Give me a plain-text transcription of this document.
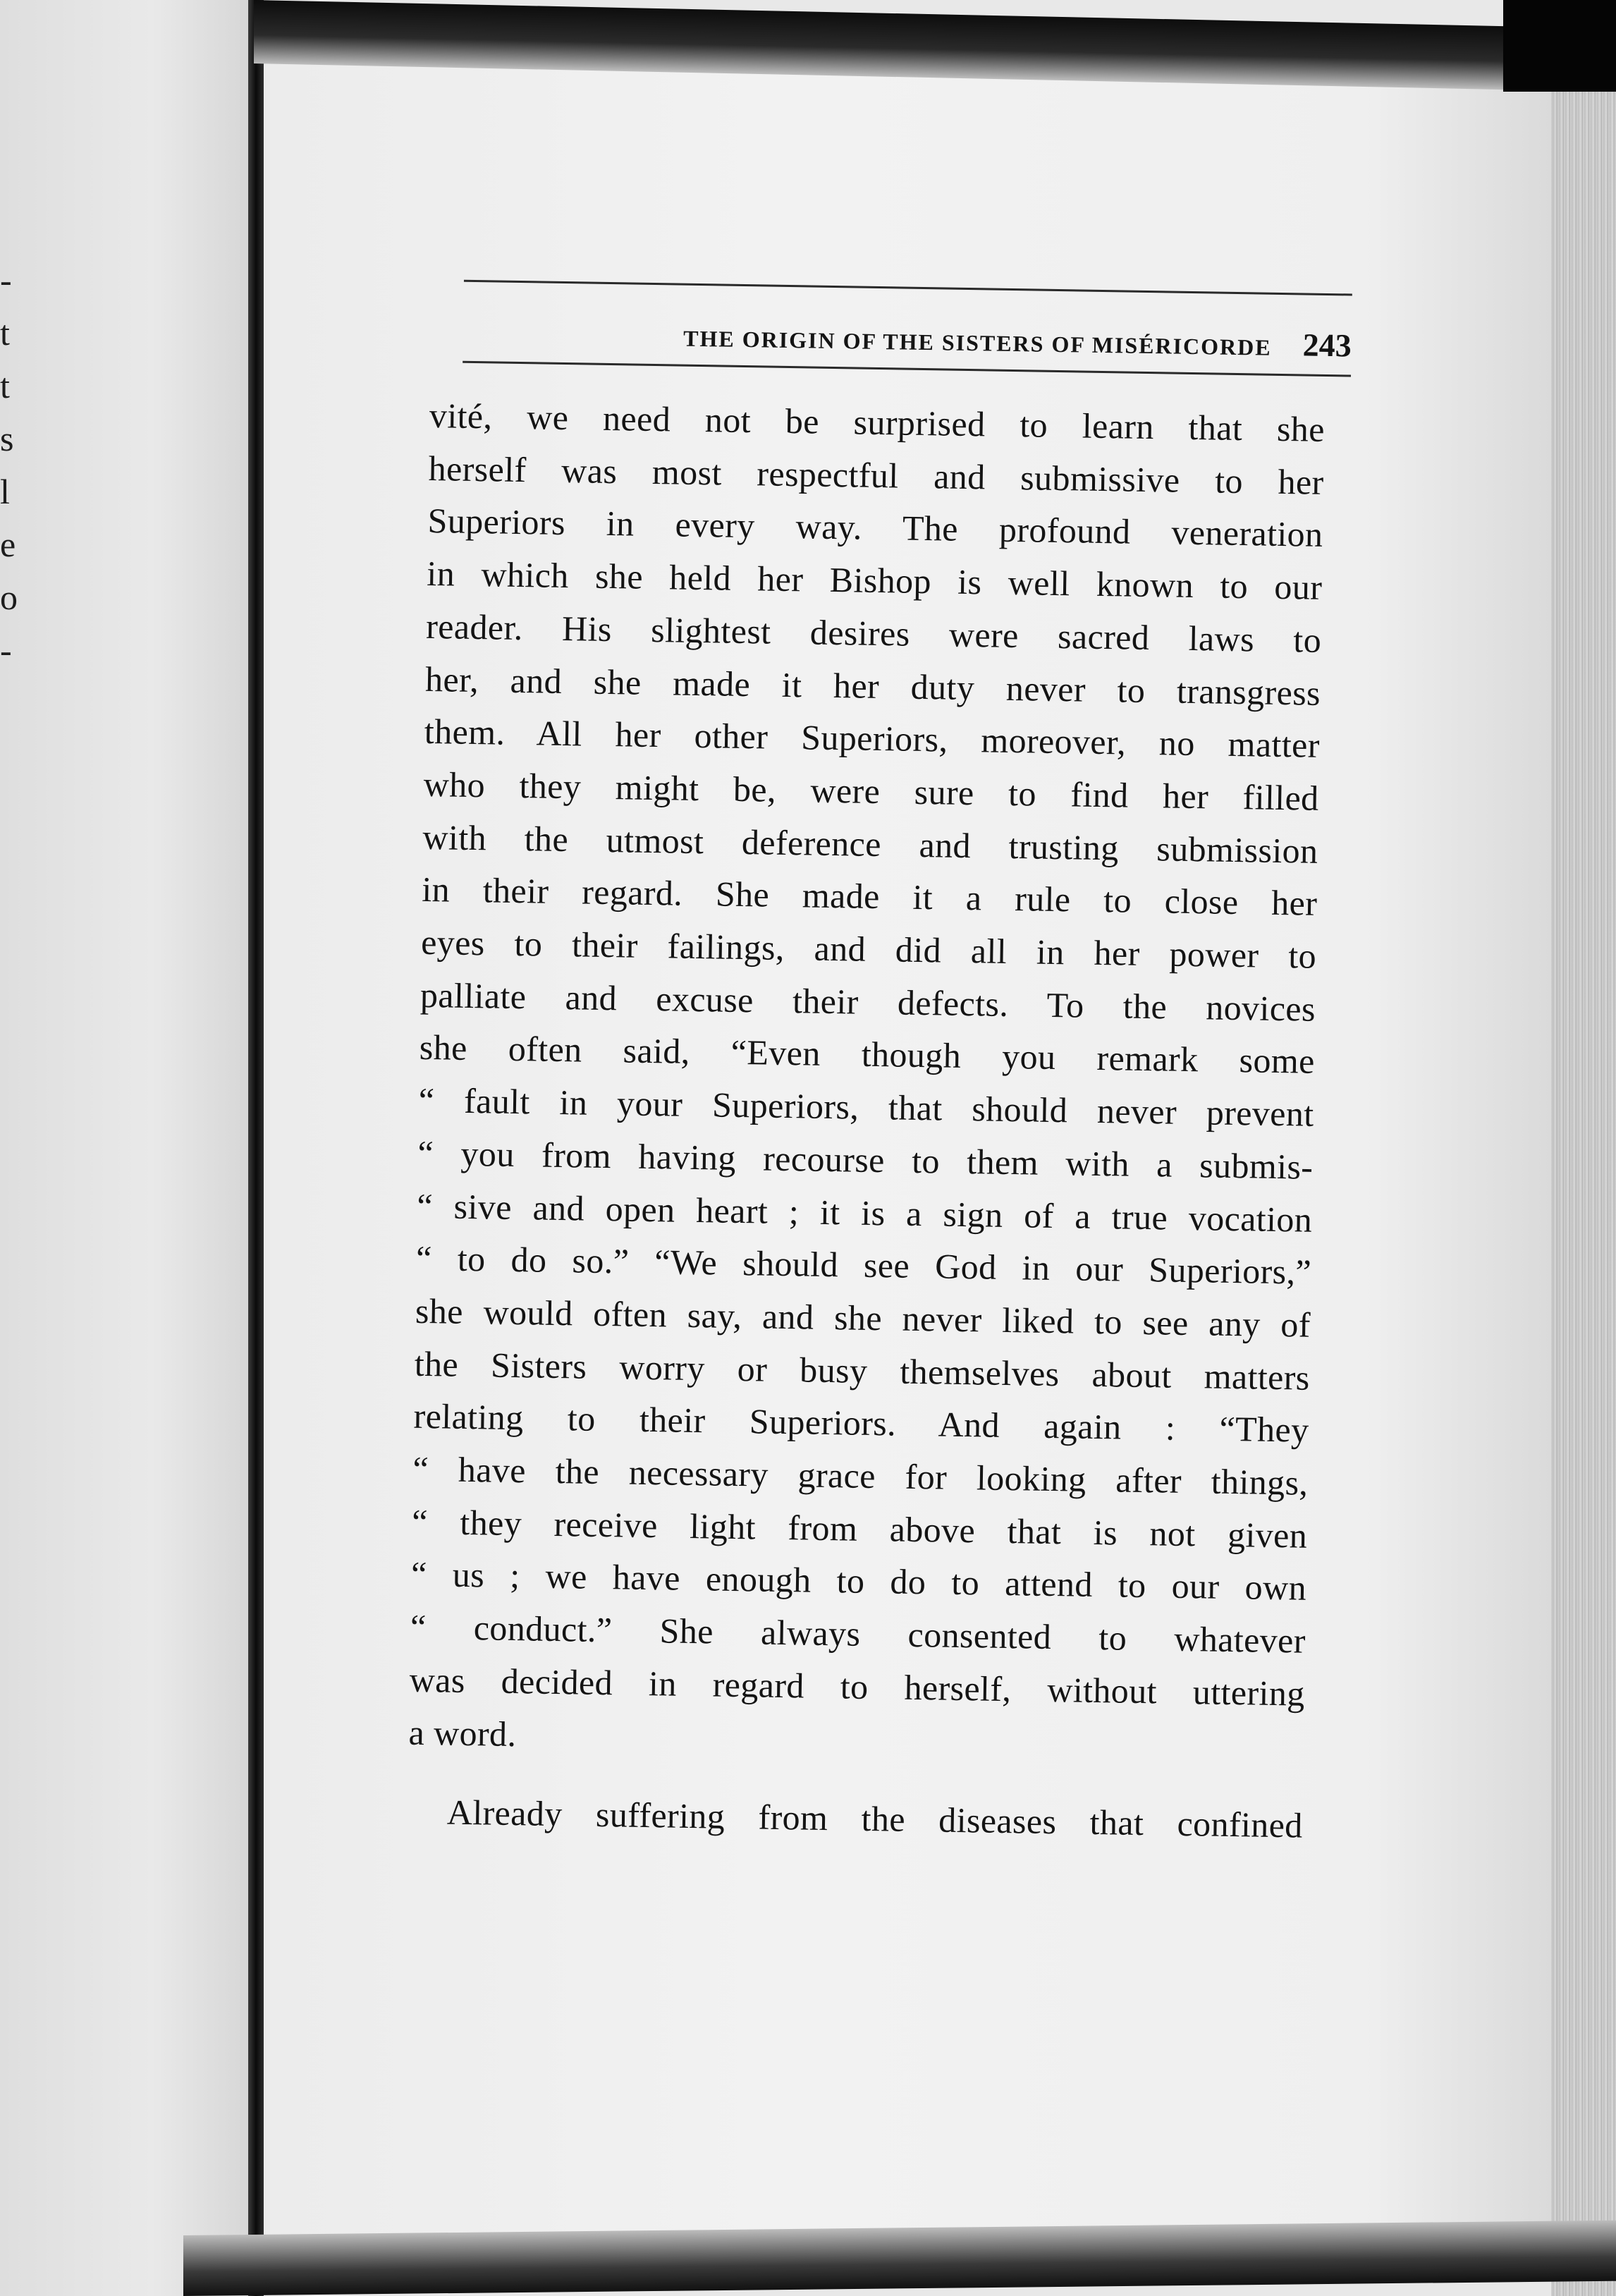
-
t
t
s
l
e
o
-
THE ORIGIN OF THE SISTERS OF MISÉRICORDE 243
vité, we need not be surprised to learn that she
herself was most respectful and submissive to her
Superiors in every way. The profound veneration
in which she held her Bishop is well known to our
reader. His slightest desires were sacred laws to
her, and she made it her duty never to transgress
them. All her other Superiors, moreover, no matter
who they might be, were sure to find her filled
with the utmost deference and trusting submission
in their regard. She made it a rule to close her
eyes to their failings, and did all in her power to
palliate and excuse their defects. To the novices
she often said, “Even though you remark some
“ fault in your Superiors, that should never prevent
“ you from having recourse to them with a submis-
“ sive and open heart ; it is a sign of a true vocation
“ to do so.” “We should see God in our Superiors,”
she would often say, and she never liked to see any of
the Sisters worry or busy themselves about matters
relating to their Superiors. And again : “They
“ have the necessary grace for looking after things,
“ they receive light from above that is not given
“ us ; we have enough to do to attend to our own
“ conduct.” She always consented to whatever
was decided in regard to herself, without uttering
a word.
Already suffering from the diseases that confined
